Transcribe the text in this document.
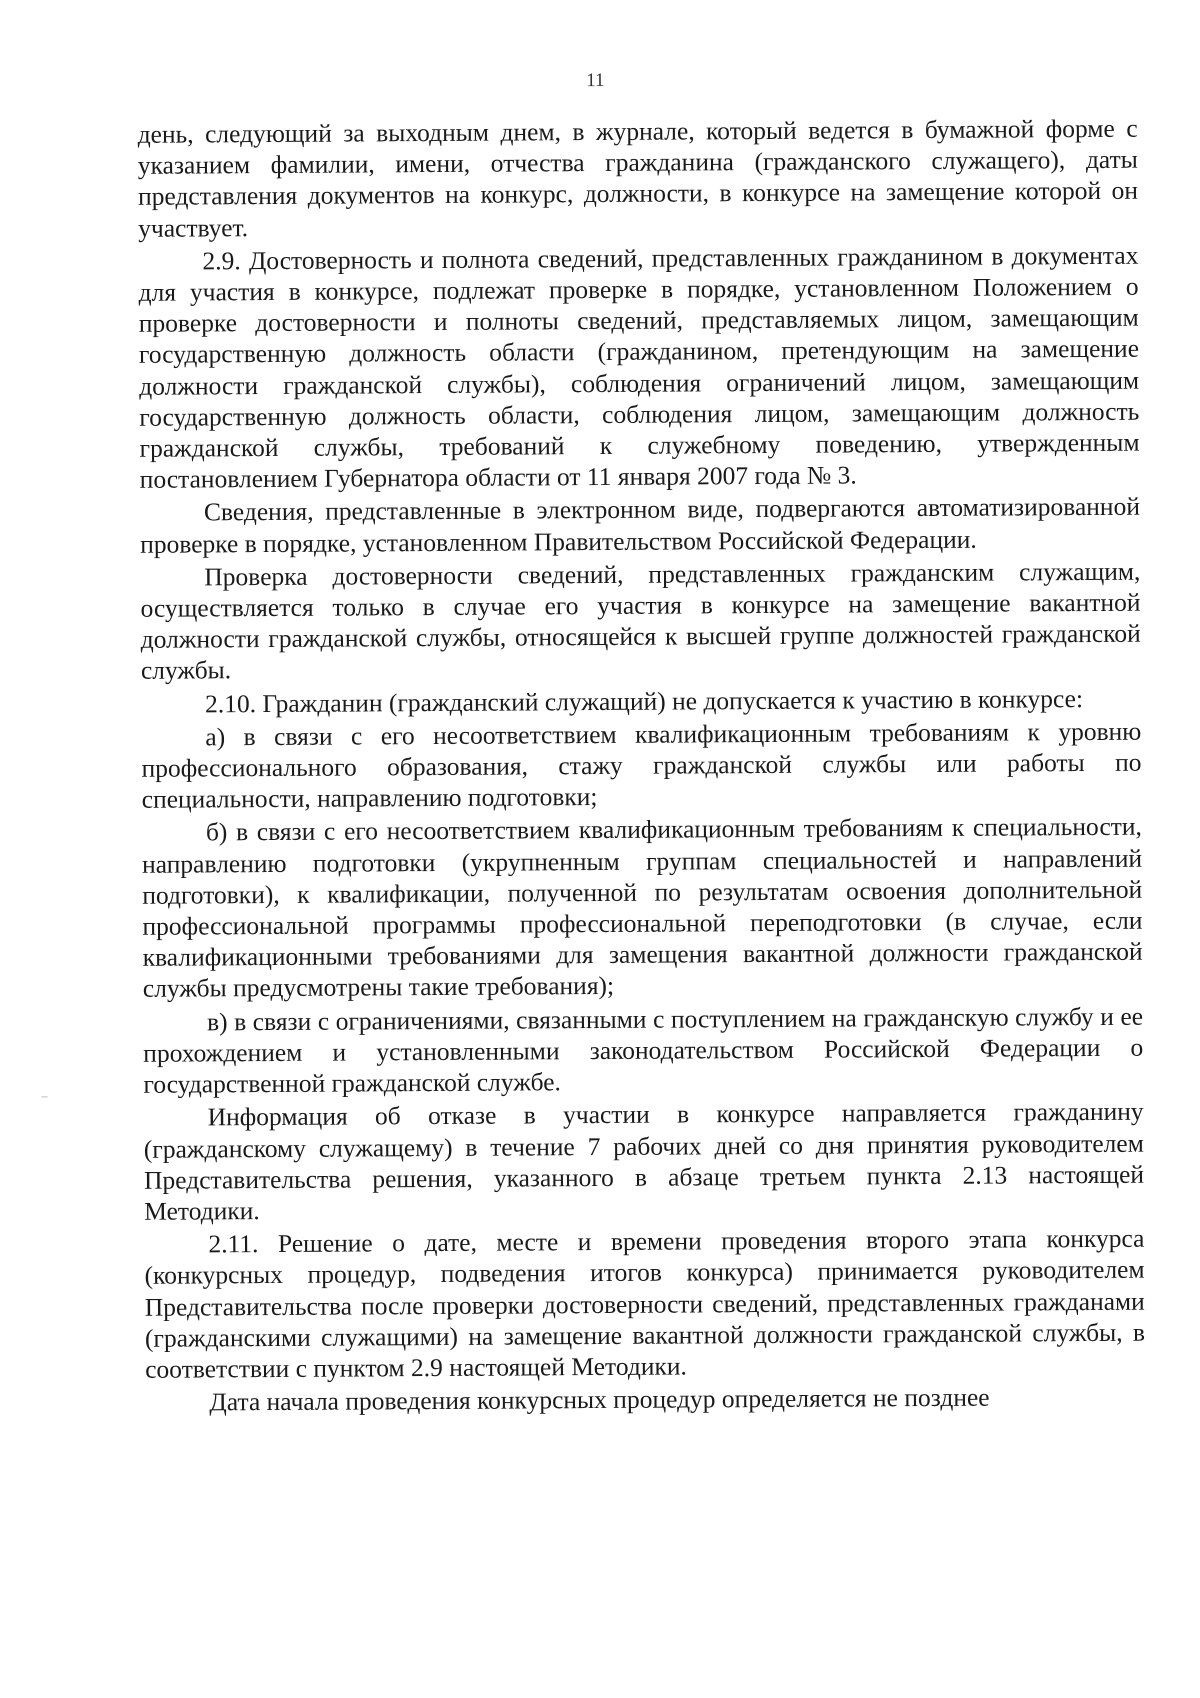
11

день, следующий за выходным днем, в журнале, который ведется в бумажной форме с указанием фамилии, имени, отчества гражданина (гражданского служащего), даты представления документов на конкурс, должности, в конкурсе на замещение которой он участвует.

2.9. Достоверность и полнота сведений, представленных гражданином в документах для участия в конкурсе, подлежат проверке в порядке, установленном Положением о проверке достоверности и полноты сведений, представляемых лицом, замещающим государственную должность области (гражданином, претендующим на замещение должности гражданской службы), соблюдения ограничений лицом, замещающим государственную должность области, соблюдения лицом, замещающим должность гражданской службы, требований к служебному поведению, утвержденным постановлением Губернатора области от 11 января 2007 года № 3.

Сведения, представленные в электронном виде, подвергаются автоматизированной проверке в порядке, установленном Правительством Российской Федерации.

Проверка достоверности сведений, представленных гражданским служащим, осуществляется только в случае его участия в конкурсе на замещение вакантной должности гражданской службы, относящейся к высшей группе должностей гражданской службы.

2.10. Гражданин (гражданский служащий) не допускается к участию в конкурсе:

а) в связи с его несоответствием квалификационным требованиям к уровню профессионального образования, стажу гражданской службы или работы по специальности, направлению подготовки;

б) в связи с его несоответствием квалификационным требованиям к специальности, направлению подготовки (укрупненным группам специальностей и направлений подготовки), к квалификации, полученной по результатам освоения дополнительной профессиональной программы профессиональной переподготовки (в случае, если квалификационными требованиями для замещения вакантной должности гражданской службы предусмотрены такие требования);

в) в связи с ограничениями, связанными с поступлением на гражданскую службу и ее прохождением и установленными законодательством Российской Федерации о государственной гражданской службе.

Информация об отказе в участии в конкурсе направляется гражданину (гражданскому служащему) в течение 7 рабочих дней со дня принятия руководителем Представительства решения, указанного в абзаце третьем пункта 2.13 настоящей Методики.

2.11. Решение о дате, месте и времени проведения второго этапа конкурса (конкурсных процедур, подведения итогов конкурса) принимается руководителем Представительства после проверки достоверности сведений, представленных гражданами (гражданскими служащими) на замещение вакантной должности гражданской службы, в соответствии с пунктом 2.9 настоящей Методики.

Дата начала проведения конкурсных процедур определяется не позднее
